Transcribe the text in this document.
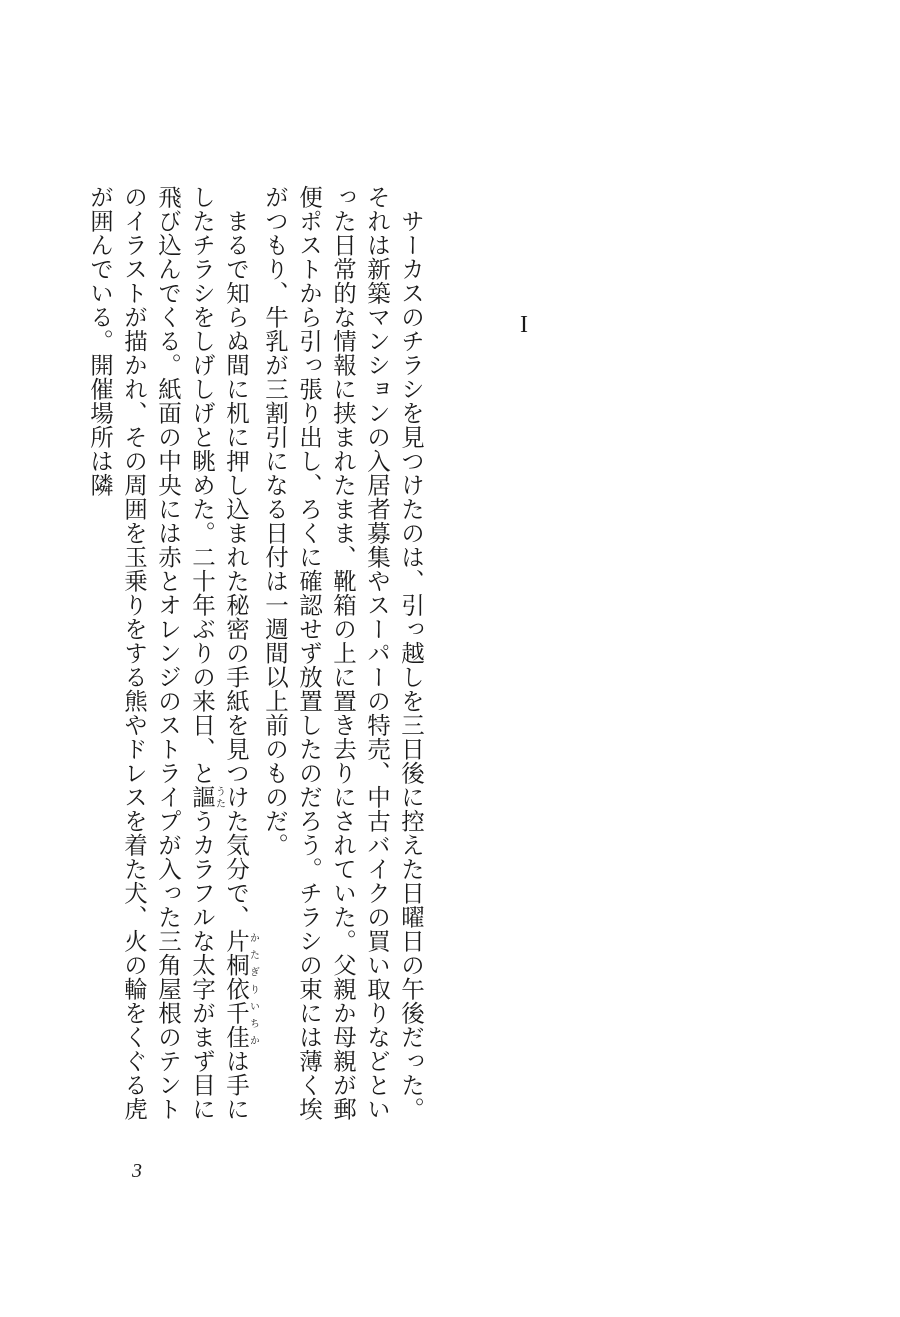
I

サーカスのチラシを見つけたのは、引っ越しを三日後に控えた日曜日の午後だった。それは新築マンションの入居者募集やスーパーの特売、中古バイクの買い取りなどといった日常的な情報に挟まれたまま、靴箱の上に置き去りにされていた。父親か母親が郵便ポストから引っ張り出し、ろくに確認せず放置したのだろう。チラシの束には薄く埃がつもり、牛乳が三割引になる日付は一週間以上前のものだ。

まるで知らぬ間に机に押し込まれた秘密の手紙を見つけた気分で、片桐依千佳かたぎりいちかは手にしたチラシをしげしげと眺めた。二十年ぶりの来日、と謳うたうカラフルな太字がまず目に飛び込んでくる。紙面の中央には赤とオレンジのストライプが入った三角屋根のテントのイラストが描かれ、その周囲を玉乗りをする熊やドレスを着た犬、火の輪をくぐる虎が囲んでいる。開催場所は隣

3
